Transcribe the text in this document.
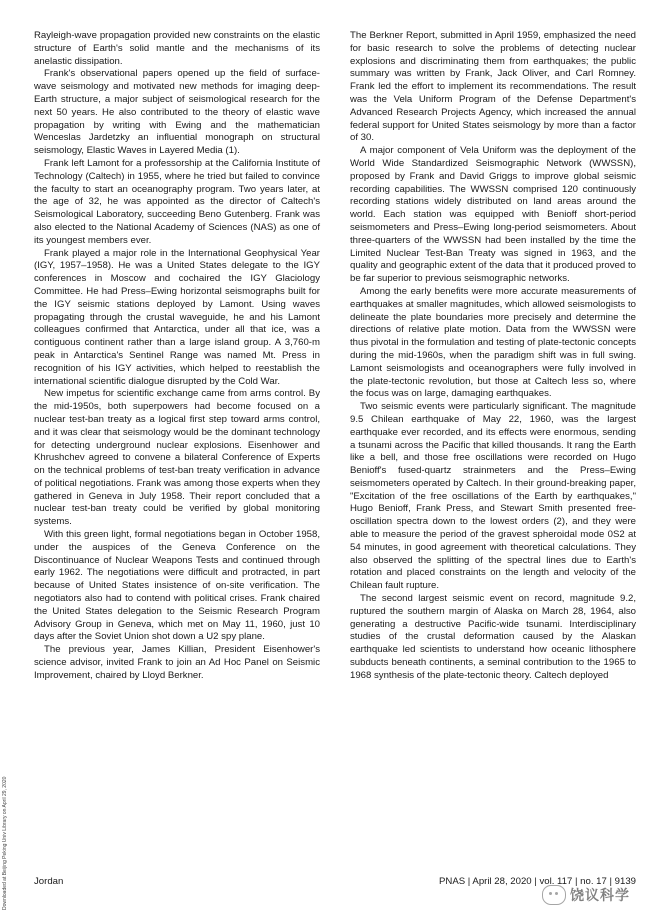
Downloaded at Beijing Peking Univ Library on April 29, 2020

Rayleigh-wave propagation provided new constraints on the elastic structure of Earth's solid mantle and the mechanisms of its anelastic dissipation.

Frank's observational papers opened up the field of surface-wave seismology and motivated new methods for imaging deep-Earth structure, a major subject of seismological research for the next 50 years. He also contributed to the theory of elastic wave propagation by writing with Ewing and the mathematician Wenceslas Jardetzky an influential monograph on structural seismology, Elastic Waves in Layered Media (1).

Frank left Lamont for a professorship at the California Institute of Technology (Caltech) in 1955, where he tried but failed to convince the faculty to start an oceanography program. Two years later, at the age of 32, he was appointed as the director of Caltech's Seismological Laboratory, succeeding Beno Gutenberg. Frank was also elected to the National Academy of Sciences (NAS) as one of its youngest members ever.

Frank played a major role in the International Geophysical Year (IGY, 1957–1958). He was a United States delegate to the IGY conferences in Moscow and cochaired the IGY Glaciology Committee. He had Press–Ewing horizontal seismographs built for the IGY seismic stations deployed by Lamont. Using waves propagating through the crustal waveguide, he and his Lamont colleagues confirmed that Antarctica, under all that ice, was a contiguous continent rather than a large island group. A 3,760-m peak in Antarctica's Sentinel Range was named Mt. Press in recognition of his IGY activities, which helped to reestablish the international scientific dialogue disrupted by the Cold War.

New impetus for scientific exchange came from arms control. By the mid-1950s, both superpowers had become focused on a nuclear test-ban treaty as a logical first step toward arms control, and it was clear that seismology would be the dominant technology for detecting underground nuclear explosions. Eisenhower and Khrushchev agreed to convene a bilateral Conference of Experts on the technical problems of test-ban treaty verification in advance of political negotiations. Frank was among those experts when they gathered in Geneva in July 1958. Their report concluded that a nuclear test-ban treaty could be verified by global monitoring systems.

With this green light, formal negotiations began in October 1958, under the auspices of the Geneva Conference on the Discontinuance of Nuclear Weapons Tests and continued through early 1962. The negotiations were difficult and protracted, in part because of United States insistence of on-site verification. The negotiators also had to contend with political crises. Frank chaired the United States delegation to the Seismic Research Program Advisory Group in Geneva, which met on May 11, 1960, just 10 days after the Soviet Union shot down a U2 spy plane.

The previous year, James Killian, President Eisenhower's science advisor, invited Frank to join an Ad Hoc Panel on Seismic Improvement, chaired by Lloyd Berkner.

The Berkner Report, submitted in April 1959, emphasized the need for basic research to solve the problems of detecting nuclear explosions and discriminating them from earthquakes; the public summary was written by Frank, Jack Oliver, and Carl Romney. Frank led the effort to implement its recommendations. The result was the Vela Uniform Program of the Defense Department's Advanced Research Projects Agency, which increased the annual federal support for United States seismology by more than a factor of 30.

A major component of Vela Uniform was the deployment of the World Wide Standardized Seismographic Network (WWSSN), proposed by Frank and David Griggs to improve global seismic recording capabilities. The WWSSN comprised 120 continuously recording stations widely distributed on land areas around the world. Each station was equipped with Benioff short-period seismometers and Press–Ewing long-period seismometers. About three-quarters of the WWSSN had been installed by the time the Limited Nuclear Test-Ban Treaty was signed in 1963, and the quality and geographic extent of the data that it produced proved to be far superior to previous seismographic networks.

Among the early benefits were more accurate measurements of earthquakes at smaller magnitudes, which allowed seismologists to delineate the plate boundaries more precisely and determine the directions of relative plate motion. Data from the WWSSN were thus pivotal in the formulation and testing of plate-tectonic concepts during the mid-1960s, when the paradigm shift was in full swing. Lamont seismologists and oceanographers were fully involved in the plate-tectonic revolution, but those at Caltech less so, where the focus was on large, damaging earthquakes.

Two seismic events were particularly significant. The magnitude 9.5 Chilean earthquake of May 22, 1960, was the largest earthquake ever recorded, and its effects were enormous, sending a tsunami across the Pacific that killed thousands. It rang the Earth like a bell, and those free oscillations were recorded on Hugo Benioff's fused-quartz strainmeters and the Press–Ewing seismometers operated by Caltech. In their ground-breaking paper, "Excitation of the free oscillations of the Earth by earthquakes," Hugo Benioff, Frank Press, and Stewart Smith presented free-oscillation spectra down to the lowest orders (2), and they were able to measure the period of the gravest spheroidal mode 0S2 at 54 minutes, in good agreement with theoretical calculations. They also observed the splitting of the spectral lines due to Earth's rotation and placed constraints on the length and velocity of the Chilean fault rupture.

The second largest seismic event on record, magnitude 9.2, ruptured the southern margin of Alaska on March 28, 1964, also generating a destructive Pacific-wide tsunami. Interdisciplinary studies of the crustal deformation caused by the Alaskan earthquake led scientists to understand how oceanic lithosphere subducts beneath continents, a seminal contribution to the 1965 to 1968 synthesis of the plate-tectonic theory. Caltech deployed

Jordan	PNAS | April 28, 2020 | vol. 117 | no. 17 | 9139
饶议科学
